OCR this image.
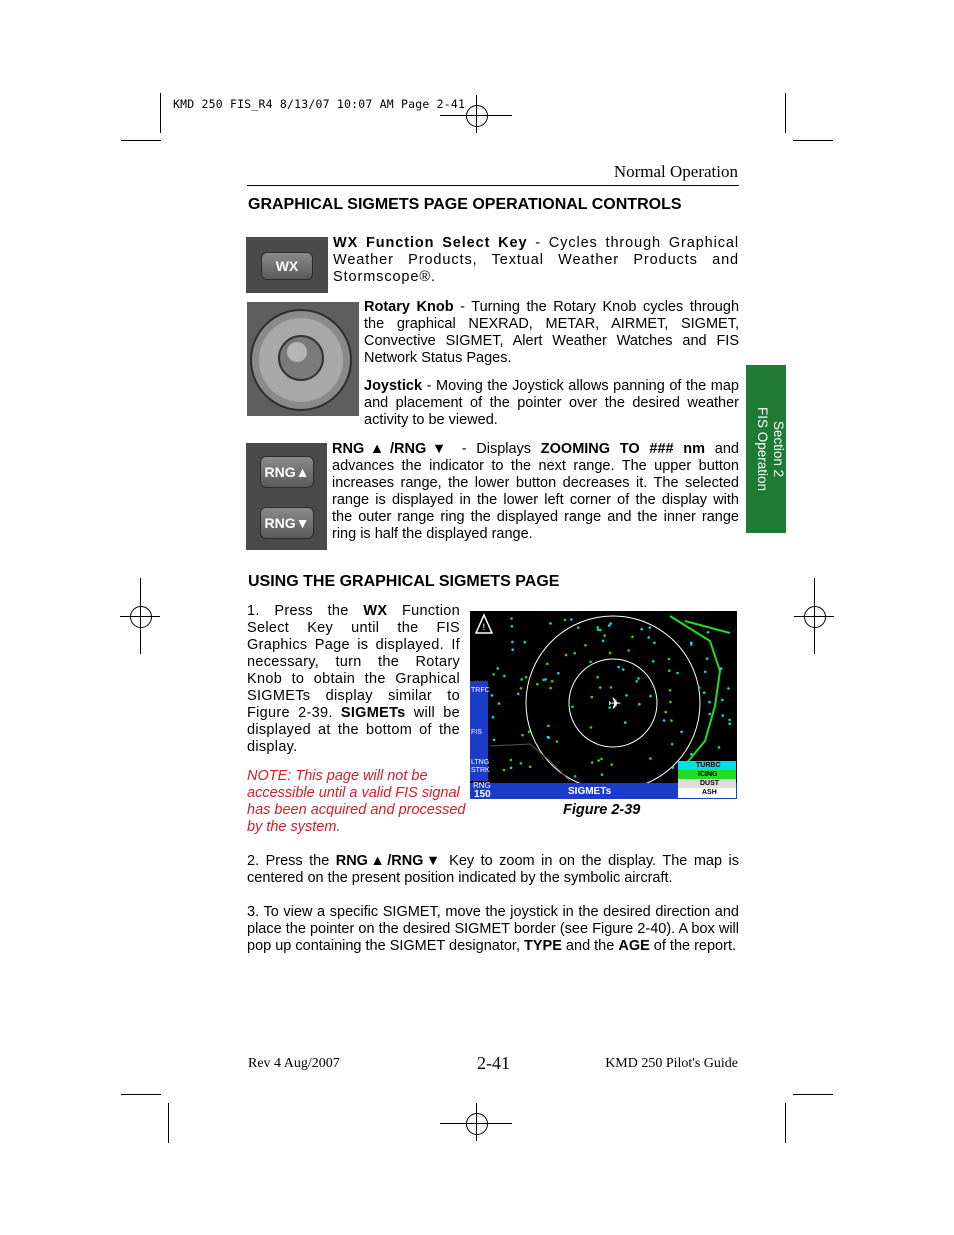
KMD 250 FIS_R4 8/13/07 10:07 AM Page 2-41
Normal Operation
GRAPHICAL SIGMETS PAGE OPERATIONAL CONTROLS
WX
WX Function Select Key - Cycles through Graphical Weather Products, Textual Weather Products and Stormscope®.
Rotary Knob - Turning the Rotary Knob cycles through the graphical NEXRAD, METAR, AIRMET, SIGMET, Convective SIGMET, Alert Weather Watches and FIS Network Status Pages.
Joystick - Moving the Joystick allows panning of the map and placement of the pointer over the desired weather activity to be viewed.
RNG▲
RNG▼
RNG▲/RNG▼ - Displays ZOOMING TO ### nm and advances the indicator to the next range. The upper button increases range, the lower button decreases it. The selected range is displayed in the lower left corner of the display with the outer range ring the displayed range and the inner range ring is half the displayed range.
Section 2
FIS Operation
USING THE GRAPHICAL SIGMETS PAGE
1. Press the WX Function Select Key until the FIS Graphics Page is displayed. If necessary, turn the Rotary Knob to obtain the Graphical SIGMETs display similar to Figure 2-39. SIGMETs will be displayed at the bottom of the display.
NOTE: This page will not be accessible until a valid FIS signal has been acquired and processed by the system.
✈
!
TRFC
FIS
LTNG STRK
RNG
150	SIGMETs
TURBC
ICING
DUST
ASH
Figure 2-39
2. Press the RNG▲/RNG▼ Key to zoom in on the display. The map is centered on the present position indicated by the symbolic aircraft.
3. To view a specific SIGMET, move the joystick in the desired direction and place the pointer on the desired SIGMET border (see Figure 2-40). A box will pop up containing the SIGMET designator, TYPE and the AGE of the report.
Rev 4 Aug/2007	2-41	KMD 250 Pilot's Guide
